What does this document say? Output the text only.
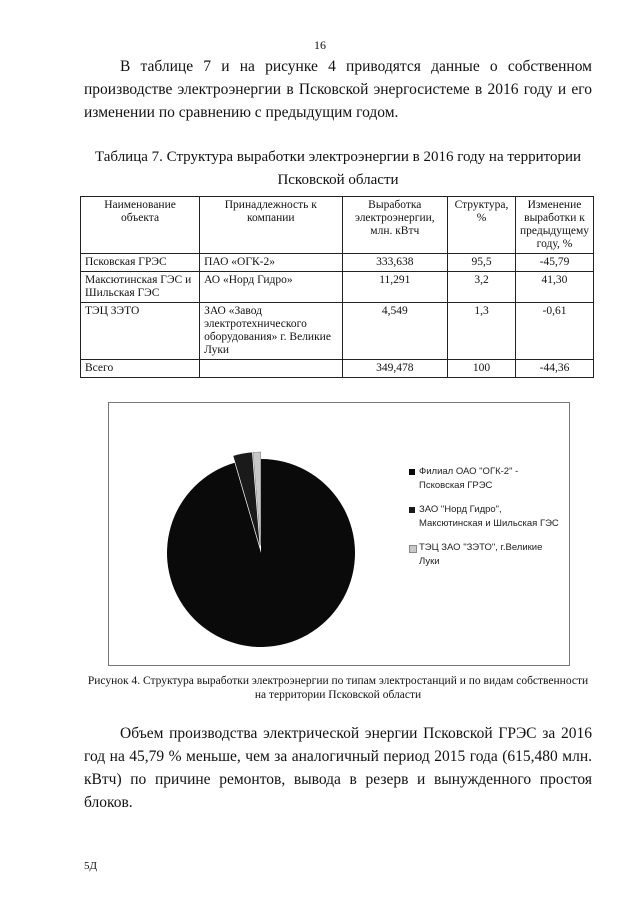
16

В таблице 7 и на рисунке 4 приводятся данные о собственном производстве электроэнергии в Псковской энергосистеме в 2016 году и его изменении по сравнению с предыдущим годом.

Таблица 7. Структура выработки электроэнергии в 2016 году на территории Псковской области

Наименование объекта	Принадлежность к компании	Выработка электроэнергии, млн. кВтч	Структура, %	Изменение выработки к предыдущему году, %
Псковская ГРЭС	ПАО «ОГК-2»	333,638	95,5	-45,79
Максютинская ГЭС и Шильская ГЭС	АО «Норд Гидро»	11,291	3,2	41,30
ТЭЦ ЗЭТО	ЗАО «Завод электротехнического оборудования» г. Великие Луки	4,549	1,3	-0,61
Всего		349,478	100	-44,36
Филиал ОАО "ОГК-2" - Псковская ГРЭС
ЗАО "Норд Гидро", Максютинская и Шильская ГЭС
ТЭЦ ЗАО "ЗЭТО", г.Великие Луки

Рисунок 4. Структура выработки электроэнергии по типам электростанций и по видам собственности на территории Псковской области

Объем производства электрической энергии Псковской ГРЭС за 2016 год на 45,79 % меньше, чем за аналогичный период 2015 года (615,480 млн. кВтч) по причине ремонтов, вывода в резерв и вынужденного простоя блоков.

5Д
